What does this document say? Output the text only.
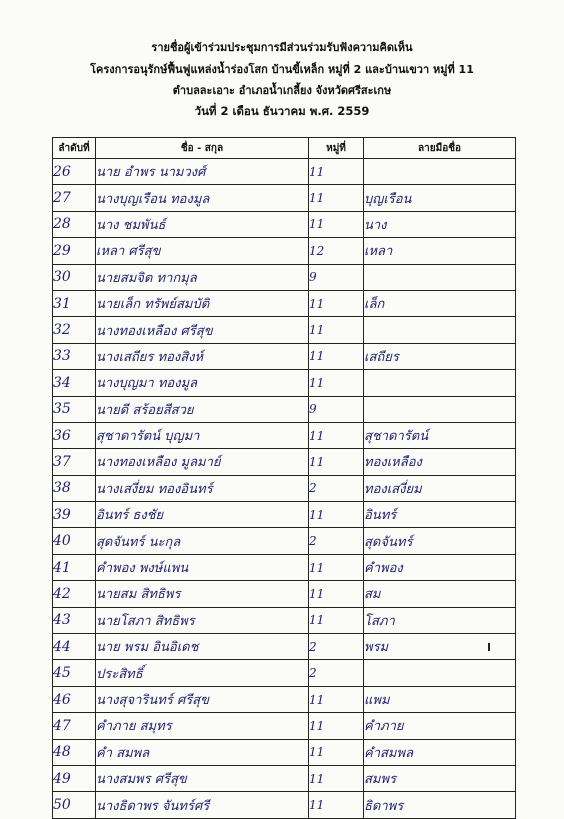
รายชื่อผู้เข้าร่วมประชุมการมีส่วนร่วมรับฟังความคิดเห็น
โครงการอนุรักษ์ฟื้นฟูแหล่งน้ำร่องโสก บ้านขี้เหล็ก หมู่ที่ 2 และบ้านเขวา หมู่ที่ 11
ตำบลละเอาะ อำเภอน้ำเกลี้ยง จังหวัดศรีสะเกษ
วันที่ 2 เดือน ธันวาคม พ.ศ. 2559
ลำดับที่	ชื่อ - สกุล	หมู่ที่	ลายมือชื่อ
26	นาย อำพร นามวงศ์	11	
27	นางบุญเรือน ทองมูล	11	บุญเรือน
28	นาง ชมพันธ์	11	นาง
29	เหลา ศรีสุข	12	เหลา
30	นายสมจิต ทากมุล	9	
31	นายเล็ก ทรัพย์สมบัติ	11	เล็ก
32	นางทองเหลือง ศรีสุข	11	
33	นางเสถียร ทองสิงห์	11	เสถียร
34	นางบุญมา ทองมูล	11	
35	นายดี สร้อยสีสวย	9	
36	สุชาดารัตน์ บุญมา	11	สุชาดารัตน์
37	นางทองเหลือง มูลมาย์	11	ทองเหลือง
38	นางเสงี่ยม ทองอินทร์	2	ทองเสงี่ยม
39	อินทร์ ธงชัย	11	อินทร์
40	สุดจันทร์ นะกุล	2	สุดจันทร์
41	คำพอง พงษ์แพน	11	คำพอง
42	นายสม สิทธิพร	11	สม
43	นายโสภา สิทธิพร	11	โสภา
44	นาย พรม อินอิเดช	2	พรม
45	ประสิทธิ์	2	
46	นางสุจารินทร์ ศรีสุข	11	แพม
47	คำภาย สมุทร	11	คำภาย
48	คำ สมพล	11	คำสมพล
49	นางสมพร ศรีสุข	11	สมพร
50	นางธิดาพร จันทร์ศรี	11	ธิดาพร
